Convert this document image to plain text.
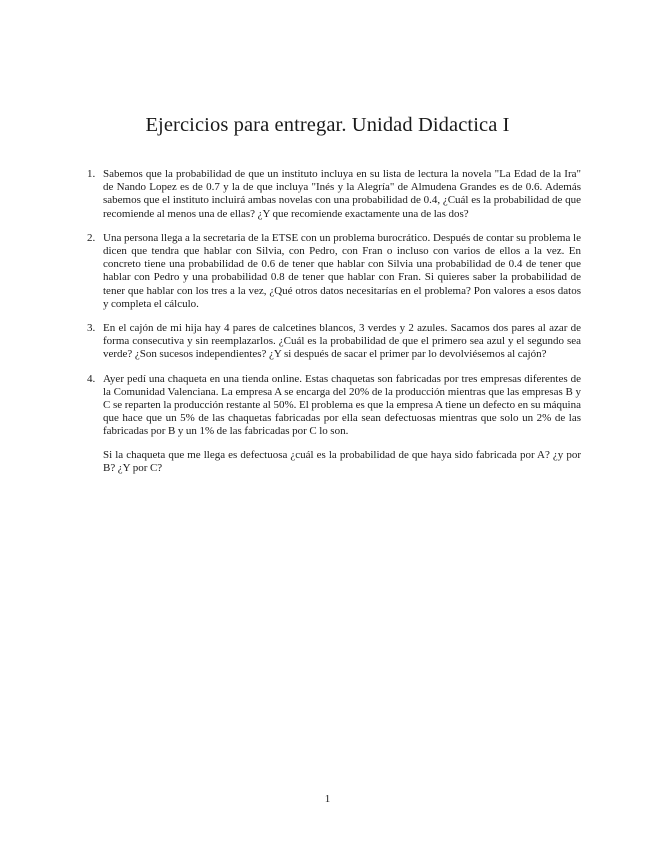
Ejercicios para entregar. Unidad Didactica I
1. Sabemos que la probabilidad de que un instituto incluya en su lista de lectura la novela "La Edad de la Ira" de Nando Lopez es de 0.7 y la de que incluya "Inés y la Alegría" de Almudena Grandes es de 0.6. Además sabemos que el instituto incluirá ambas novelas con una probabilidad de 0.4, ¿Cuál es la probabilidad de que recomiende al menos una de ellas? ¿Y que recomiende exactamente una de las dos?

2. Una persona llega a la secretaria de la ETSE con un problema burocrático. Después de contar su problema le dicen que tendra que hablar con Silvia, con Pedro, con Fran o incluso con varios de ellos a la vez. En concreto tiene una probabilidad de 0.6 de tener que hablar con Silvia una probabilidad de 0.4 de tener que hablar con Pedro y una probabilidad 0.8 de tener que hablar con Fran. Si quieres saber la probabilidad de tener que hablar con los tres a la vez, ¿Qué otros datos necesitarías en el problema? Pon valores a esos datos y completa el cálculo.

3. En el cajón de mi hija hay 4 pares de calcetines blancos, 3 verdes y 2 azules. Sacamos dos pares al azar de forma consecutiva y sin reemplazarlos. ¿Cuál es la probabilidad de que el primero sea azul y el segundo sea verde? ¿Son sucesos independientes? ¿Y si después de sacar el primer par lo devolviésemos al cajón?

4. Ayer pedí una chaqueta en una tienda online. Estas chaquetas son fabricadas por tres empresas diferentes de la Comunidad Valenciana. La empresa A se encarga del 20% de la producción mientras que las empresas B y C se reparten la producción restante al 50%. El problema es que la empresa A tiene un defecto en su máquina que hace que un 5% de las chaquetas fabricadas por ella sean defectuosas mientras que solo un 2% de las fabricadas por B y un 1% de las fabricadas por C lo son.

Si la chaqueta que me llega es defectuosa ¿cuál es la probabilidad de que haya sido fabricada por A? ¿y por B? ¿Y por C?

1
